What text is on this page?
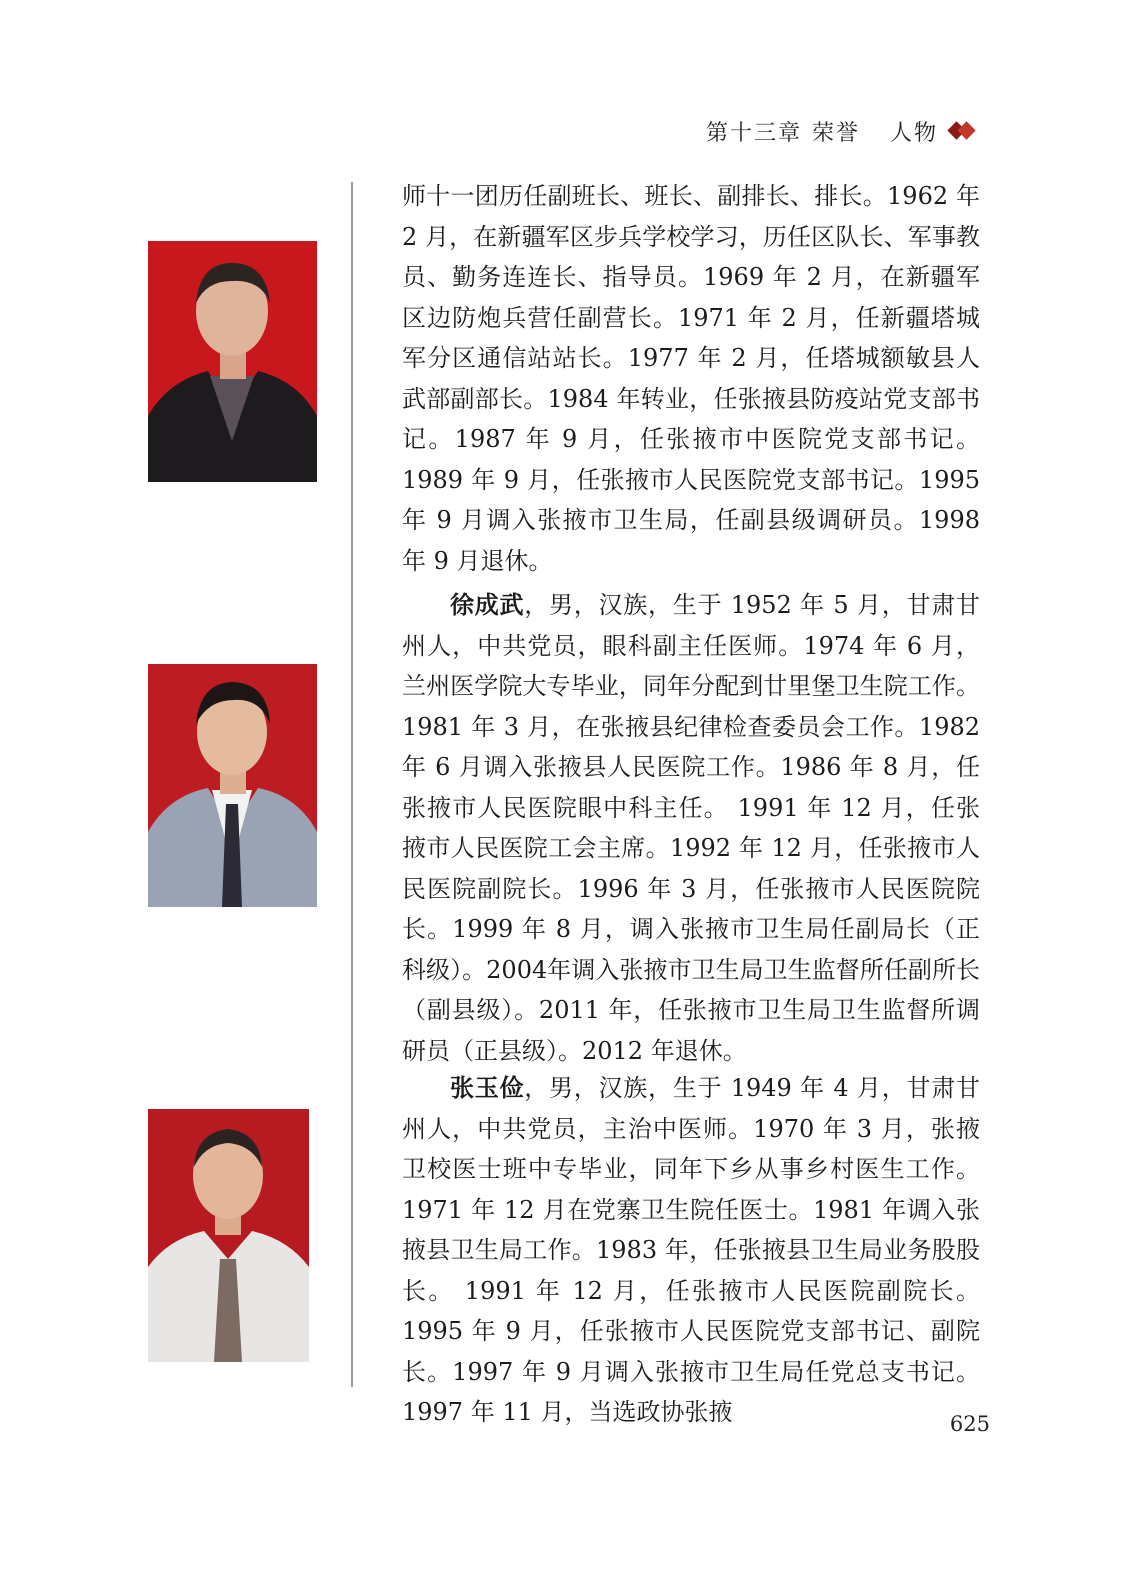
第十三章 荣誉 人物

师十一团历任副班长、班长、副排长、排长。1962 年 2 月，在新疆军区步兵学校学习，历任区队长、军事教员、勤务连连长、指导员。1969 年 2 月，在新疆军区边防炮兵营任副营长。1971 年 2 月，任新疆塔城军分区通信站站长。1977 年 2 月，任塔城额敏县人武部副部长。1984 年转业，任张掖县防疫站党支部书记。1987 年 9 月，任张掖市中医院党支部书记。1989 年 9 月，任张掖市人民医院党支部书记。1995 年 9 月调入张掖市卫生局，任副县级调研员。1998 年 9 月退休。

徐成武，男，汉族，生于 1952 年 5 月，甘肃甘州人，中共党员，眼科副主任医师。1974 年 6 月，兰州医学院大专毕业，同年分配到廿里堡卫生院工作。1981 年 3 月，在张掖县纪律检查委员会工作。1982 年 6 月调入张掖县人民医院工作。1986 年 8 月，任张掖市人民医院眼中科主任。 1991 年 12 月，任张掖市人民医院工会主席。1992 年 12 月，任张掖市人民医院副院长。1996 年 3 月，任张掖市人民医院院长。1999 年 8 月，调入张掖市卫生局任副局长（正科级）。2004年调入张掖市卫生局卫生监督所任副所长（副县级）。2011 年，任张掖市卫生局卫生监督所调研员（正县级）。2012 年退休。

张玉俭，男，汉族，生于 1949 年 4 月，甘肃甘州人，中共党员，主治中医师。1970 年 3 月，张掖卫校医士班中专毕业，同年下乡从事乡村医生工作。1971 年 12 月在党寨卫生院任医士。1981 年调入张掖县卫生局工作。1983 年，任张掖县卫生局业务股股长。 1991 年 12 月，任张掖市人民医院副院长。1995 年 9 月，任张掖市人民医院党支部书记、副院长。1997 年 9 月调入张掖市卫生局任党总支书记。1997 年 11 月，当选政协张掖	625
